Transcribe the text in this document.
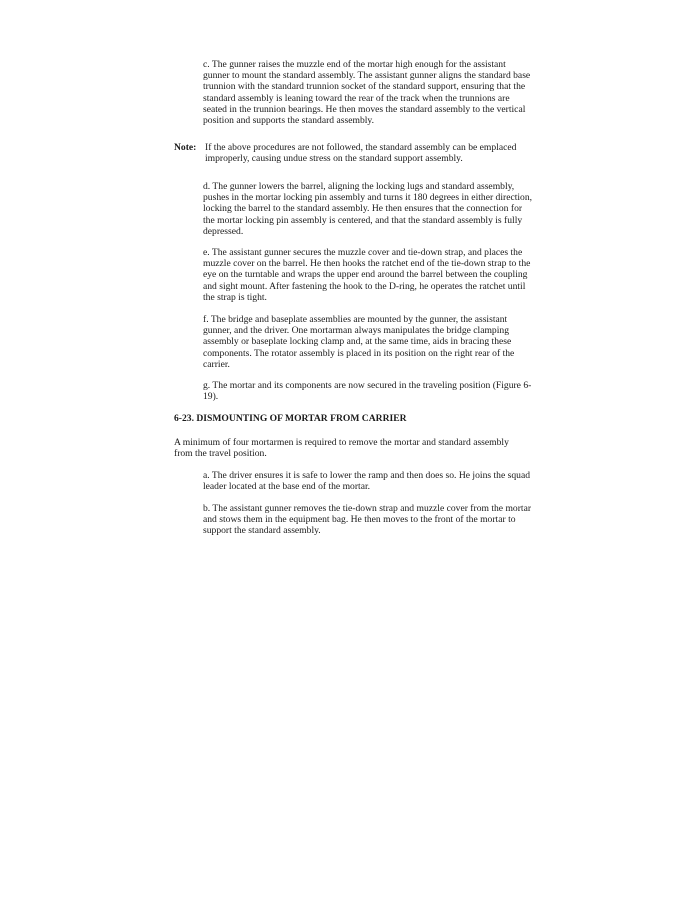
c. The gunner raises the muzzle end of the mortar high enough for the assistant gunner to mount the standard assembly. The assistant gunner aligns the standard base trunnion with the standard trunnion socket of the standard support, ensuring that the standard assembly is leaning toward the rear of the track when the trunnions are seated in the trunnion bearings. He then moves the standard assembly to the vertical position and supports the standard assembly.

Note: If the above procedures are not followed, the standard assembly can be emplaced improperly, causing undue stress on the standard support assembly.

d. The gunner lowers the barrel, aligning the locking lugs and standard assembly, pushes in the mortar locking pin assembly and turns it 180 degrees in either direction, locking the barrel to the standard assembly. He then ensures that the connection for the mortar locking pin assembly is centered, and that the standard assembly is fully depressed.

e. The assistant gunner secures the muzzle cover and tie-down strap, and places the muzzle cover on the barrel. He then hooks the ratchet end of the tie-down strap to the eye on the turntable and wraps the upper end around the barrel between the coupling and sight mount. After fastening the hook to the D-ring, he operates the ratchet until the strap is tight.

f. The bridge and baseplate assemblies are mounted by the gunner, the assistant gunner, and the driver. One mortarman always manipulates the bridge clamping assembly or baseplate locking clamp and, at the same time, aids in bracing these components. The rotator assembly is placed in its position on the right rear of the carrier.

g. The mortar and its components are now secured in the traveling position (Figure 6-19).

6-23. DISMOUNTING OF MORTAR FROM CARRIER

A minimum of four mortarmen is required to remove the mortar and standard assembly from the travel position.

a. The driver ensures it is safe to lower the ramp and then does so. He joins the squad leader located at the base end of the mortar.

b. The assistant gunner removes the tie-down strap and muzzle cover from the mortar and stows them in the equipment bag. He then moves to the front of the mortar to support the standard assembly.
